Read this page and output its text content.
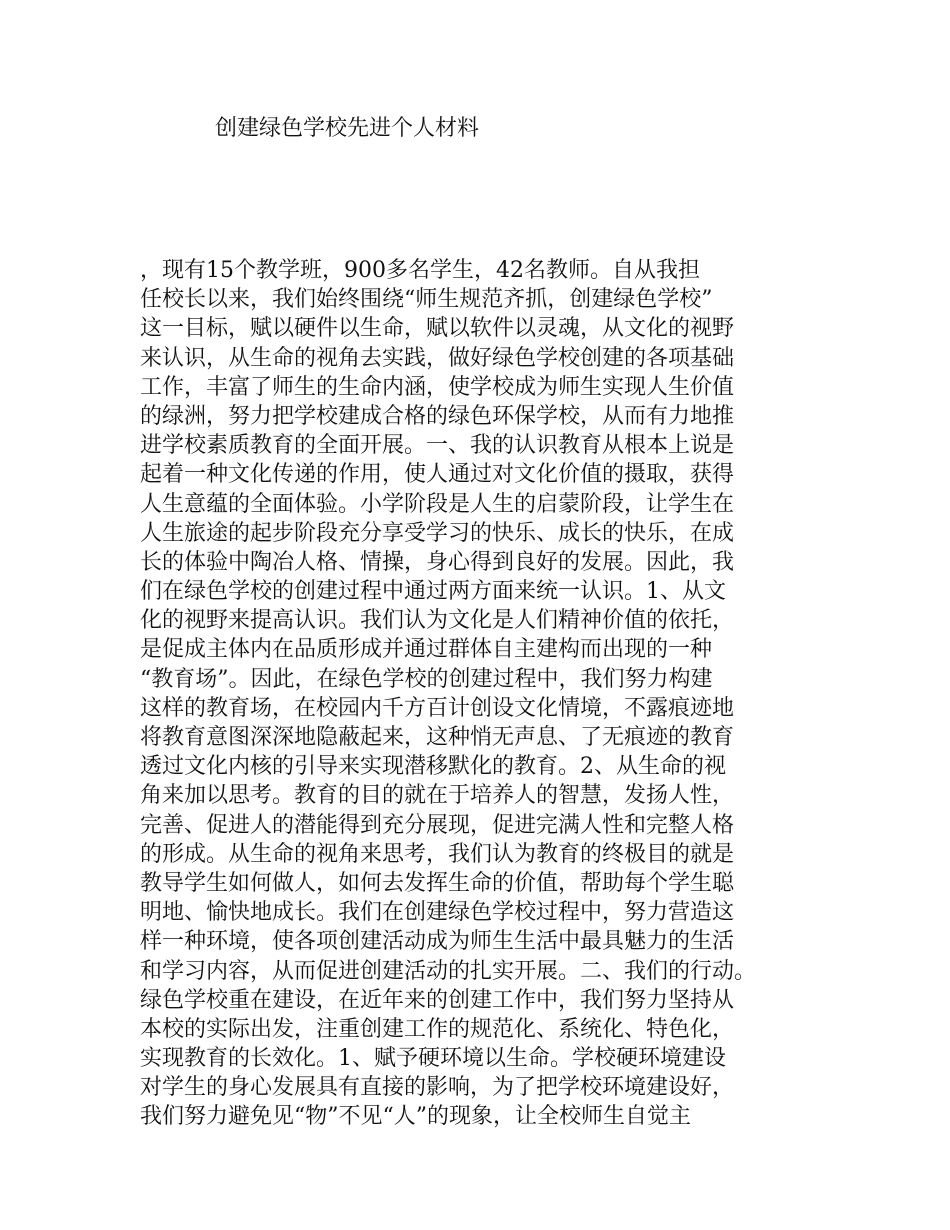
创建绿色学校先进个人材料
，现有15个教学班，900多名学生，42名教师。自从我担
任校长以来，我们始终围绕“师生规范齐抓，创建绿色学校”
这一目标，赋以硬件以生命，赋以软件以灵魂，从文化的视野
来认识，从生命的视角去实践，做好绿色学校创建的各项基础
工作，丰富了师生的生命内涵，使学校成为师生实现人生价值
的绿洲，努力把学校建成合格的绿色环保学校，从而有力地推
进学校素质教育的全面开展。一、我的认识教育从根本上说是
起着一种文化传递的作用，使人通过对文化价值的摄取，获得
人生意蕴的全面体验。小学阶段是人生的启蒙阶段，让学生在
人生旅途的起步阶段充分享受学习的快乐、成长的快乐，在成
长的体验中陶冶人格、情操，身心得到良好的发展。因此，我
们在绿色学校的创建过程中通过两方面来统一认识。1、从文
化的视野来提高认识。我们认为文化是人们精神价值的依托，
是促成主体内在品质形成并通过群体自主建构而出现的一种
“教育场”。因此，在绿色学校的创建过程中，我们努力构建
这样的教育场，在校园内千方百计创设文化情境，不露痕迹地
将教育意图深深地隐蔽起来，这种悄无声息、了无痕迹的教育
透过文化内核的引导来实现潜移默化的教育。2、从生命的视
角来加以思考。教育的目的就在于培养人的智慧，发扬人性，
完善、促进人的潜能得到充分展现，促进完满人性和完整人格
的形成。从生命的视角来思考，我们认为教育的终极目的就是
教导学生如何做人，如何去发挥生命的价值，帮助每个学生聪
明地、愉快地成长。我们在创建绿色学校过程中，努力营造这
样一种环境，使各项创建活动成为师生生活中最具魅力的生活
和学习内容，从而促进创建活动的扎实开展。二、我们的行动。
绿色学校重在建设，在近年来的创建工作中，我们努力坚持从
本校的实际出发，注重创建工作的规范化、系统化、特色化，
实现教育的长效化。1、赋予硬环境以生命。学校硬环境建设
对学生的身心发展具有直接的影响，为了把学校环境建设好，
我们努力避免见“物”不见“人”的现象，让全校师生自觉主
